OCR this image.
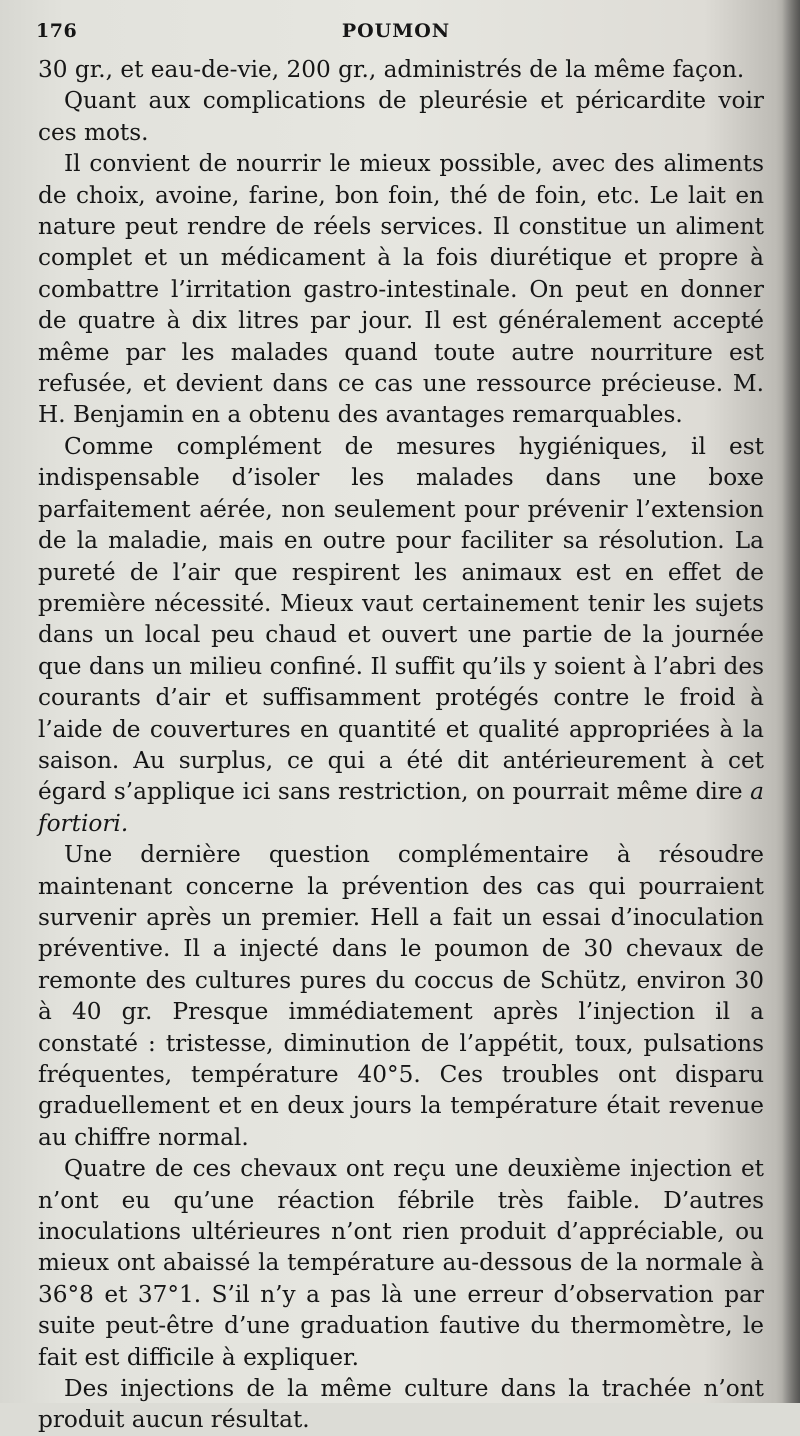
176	POUMON

30 gr., et eau-de-vie, 200 gr., administrés de la même façon.

Quant aux complications de pleurésie et péricardite voir ces mots.

Il convient de nourrir le mieux possible, avec des aliments de choix, avoine, farine, bon foin, thé de foin, etc. Le lait en nature peut rendre de réels services. Il constitue un aliment complet et un médicament à la fois diurétique et propre à combattre l’irritation gastro-intestinale. On peut en donner de quatre à dix litres par jour. Il est généralement accepté même par les malades quand toute autre nourriture est refusée, et devient dans ce cas une ressource précieuse. M. H. Benjamin en a obtenu des avantages remarquables.

Comme complément de mesures hygiéniques, il est indispensable d’isoler les malades dans une boxe parfaitement aérée, non seulement pour prévenir l’extension de la maladie, mais en outre pour faciliter sa résolution. La pureté de l’air que respirent les animaux est en effet de première nécessité. Mieux vaut certainement tenir les sujets dans un local peu chaud et ouvert une partie de la journée que dans un milieu confiné. Il suffit qu’ils y soient à l’abri des courants d’air et suffisamment protégés contre le froid à l’aide de couvertures en quantité et qualité appropriées à la saison. Au surplus, ce qui a été dit antérieurement à cet égard s’applique ici sans restriction, on pourrait même dire a fortiori.

Une dernière question complémentaire à résoudre maintenant concerne la prévention des cas qui pourraient survenir après un premier. Hell a fait un essai d’inoculation préventive. Il a injecté dans le poumon de 30 chevaux de remonte des cultures pures du coccus de Schütz, environ 30 à 40 gr. Presque immédiatement après l’injection il a constaté : tristesse, diminution de l’appétit, toux, pulsations fréquentes, température 40°5. Ces troubles ont disparu graduellement et en deux jours la température était revenue au chiffre normal.

Quatre de ces chevaux ont reçu une deuxième injection et n’ont eu qu’une réaction fébrile très faible. D’autres inoculations ultérieures n’ont rien produit d’appréciable, ou mieux ont abaissé la température au-dessous de la normale à 36°8 et 37°1. S’il n’y a pas là une erreur d’observation par suite peut-être d’une graduation fautive du thermomètre, le fait est difficile à expliquer.

Des injections de la même culture dans la trachée n’ont produit aucun résultat.
